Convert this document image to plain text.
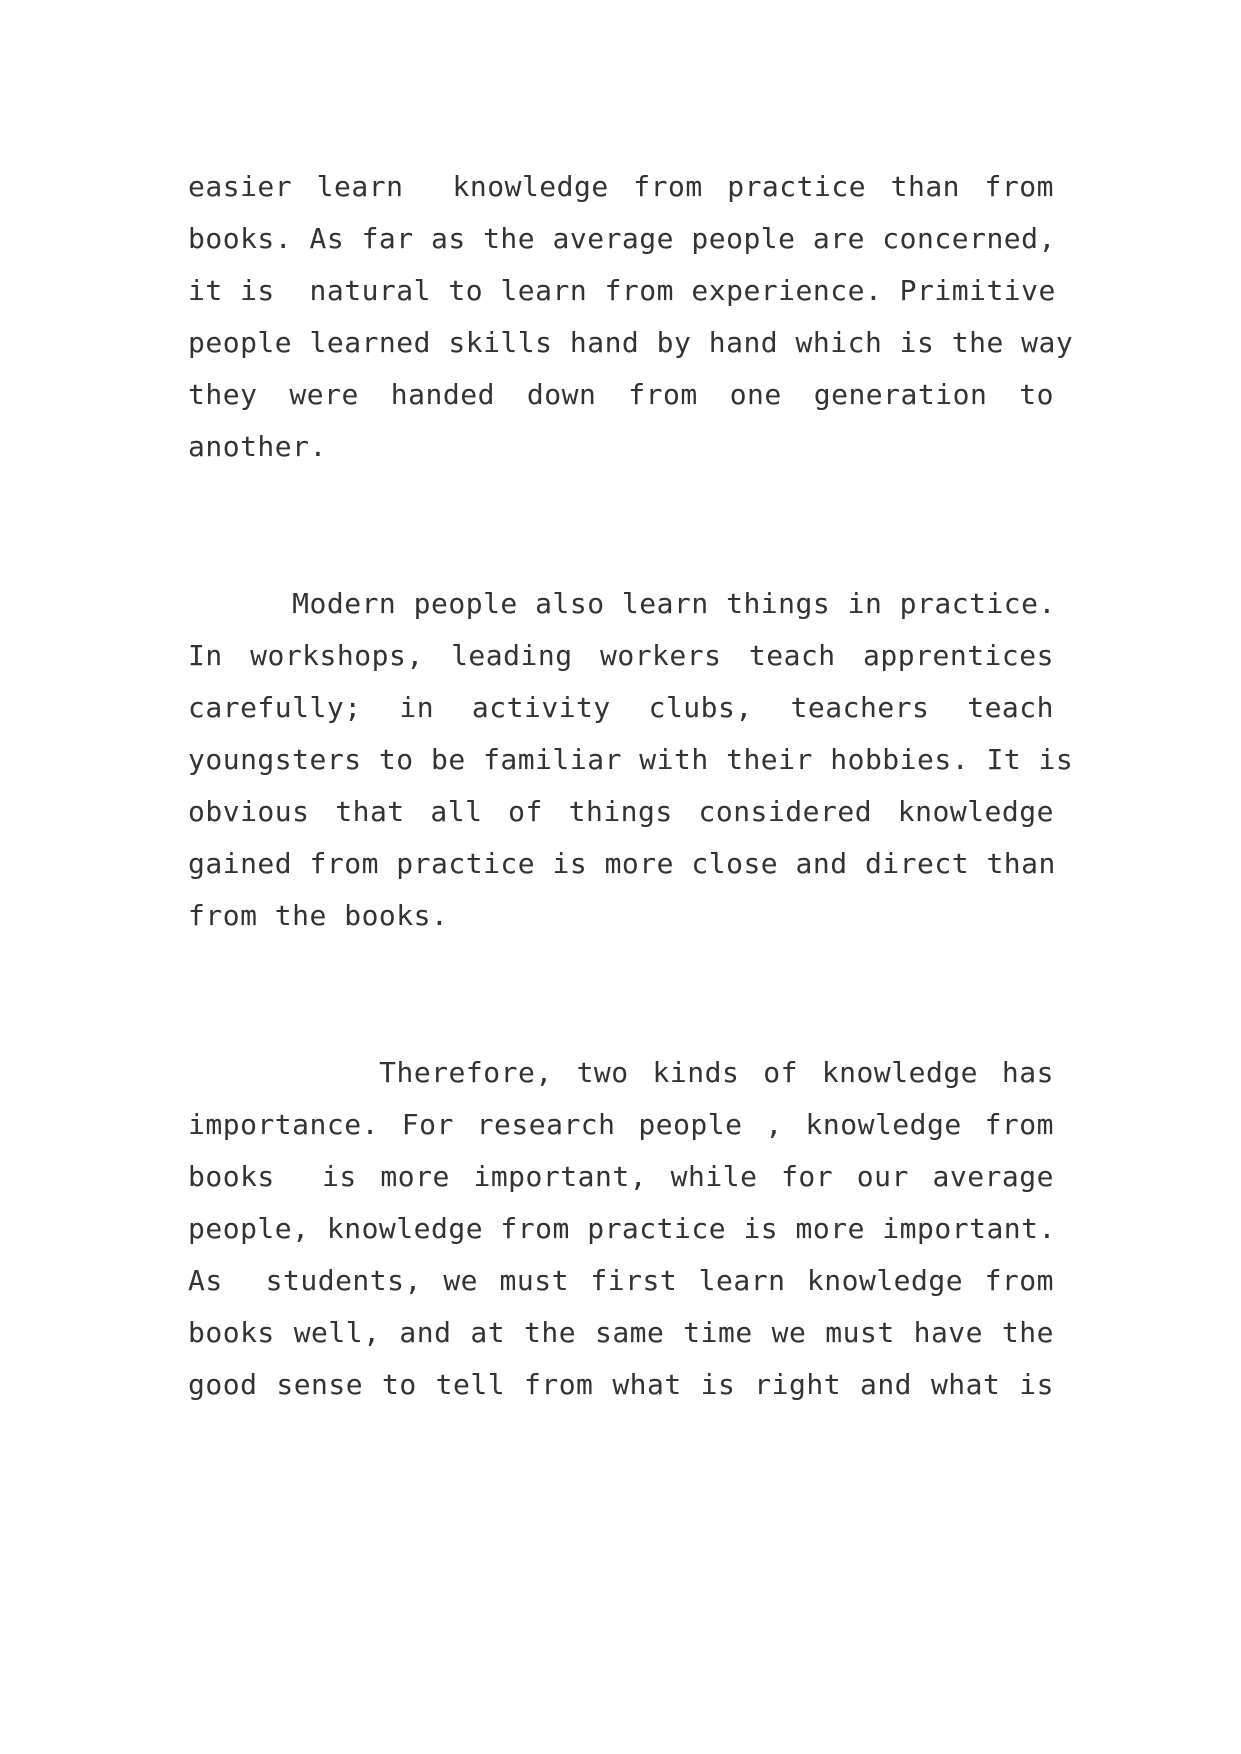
easier learn  knowledge from practice than from
books. As far as the average people are concerned,
it is  natural to learn from experience. Primitive
people learned skills hand by hand which is the way
they were handed down from one generation to
another.
Modern people also learn things in practice.
In workshops, leading workers teach apprentices
carefully; in activity clubs, teachers teach
youngsters to be familiar with their hobbies. It is
obvious that all of things considered knowledge
gained from practice is more close and direct than
from the books.
Therefore, two kinds of knowledge has
importance. For research people , knowledge from
books  is more important, while for our average
people, knowledge from practice is more important.
As  students, we must first learn knowledge from
books well, and at the same time we must have the
good sense to tell from what is right and what is
